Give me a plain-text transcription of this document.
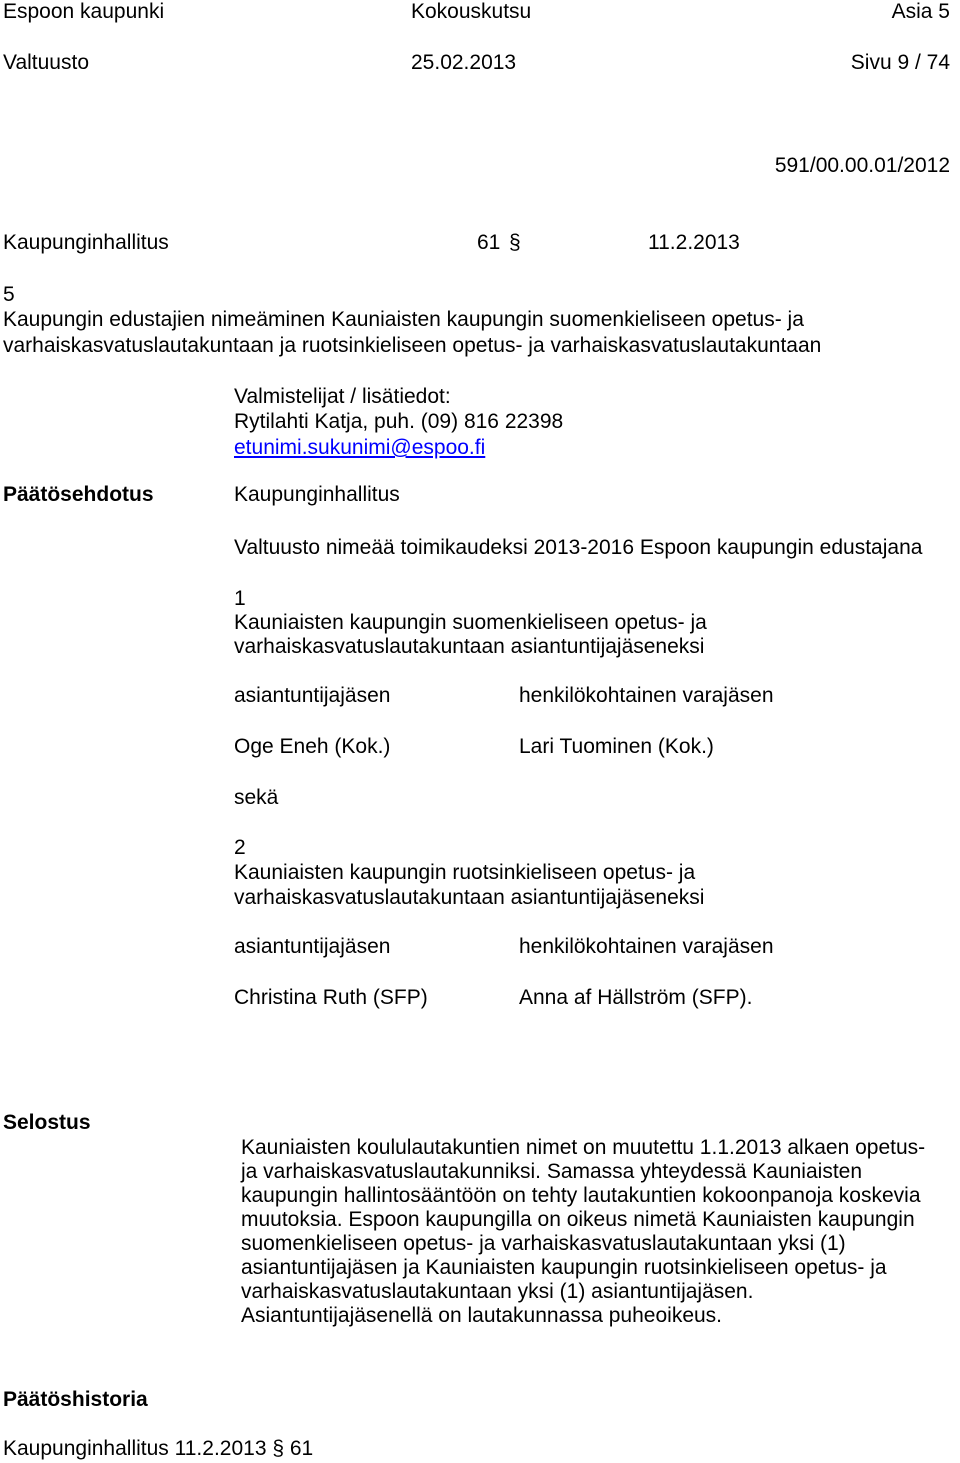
Espoon kaupunki	Kokouskutsu	Asia 5
Valtuusto	25.02.2013	Sivu 9 / 74
591/00.00.01/2012
Kaupunginhallitus	61 §	11.2.2013
5
Kaupungin edustajien nimeäminen Kauniaisten kaupungin suomenkieliseen opetus- ja
varhaiskasvatuslautakuntaan ja ruotsinkieliseen opetus- ja varhaiskasvatuslautakuntaan
Valmistelijat / lisätiedot:
Rytilahti Katja, puh. (09) 816 22398
etunimi.sukunimi@espoo.fi
Päätösehdotus	Kaupunginhallitus
Valtuusto nimeää toimikaudeksi 2013-2016 Espoon kaupungin edustajana
1
Kauniaisten kaupungin suomenkieliseen opetus- ja
varhaiskasvatuslautakuntaan asiantuntijajäseneksi
asiantuntijajäsen	henkilökohtainen varajäsen
Oge Eneh (Kok.)	Lari Tuominen (Kok.)
sekä
2
Kauniaisten kaupungin ruotsinkieliseen opetus- ja
varhaiskasvatuslautakuntaan asiantuntijajäseneksi
asiantuntijajäsen	henkilökohtainen varajäsen
Christina Ruth (SFP)	Anna af Hällström (SFP).
Selostus
Kauniaisten koululautakuntien nimet on muutettu 1.1.2013 alkaen opetus-
ja varhaiskasvatuslautakunniksi. Samassa yhteydessä Kauniaisten
kaupungin hallintosääntöön on tehty lautakuntien kokoonpanoja koskevia
muutoksia. Espoon kaupungilla on oikeus nimetä Kauniaisten kaupungin
suomenkieliseen opetus- ja varhaiskasvatuslautakuntaan yksi (1)
asiantuntijajäsen ja Kauniaisten kaupungin ruotsinkieliseen opetus- ja
varhaiskasvatuslautakuntaan yksi (1) asiantuntijajäsen.
Asiantuntijajäsenellä on lautakunnassa puheoikeus.
Päätöshistoria
Kaupunginhallitus 11.2.2013 § 61
